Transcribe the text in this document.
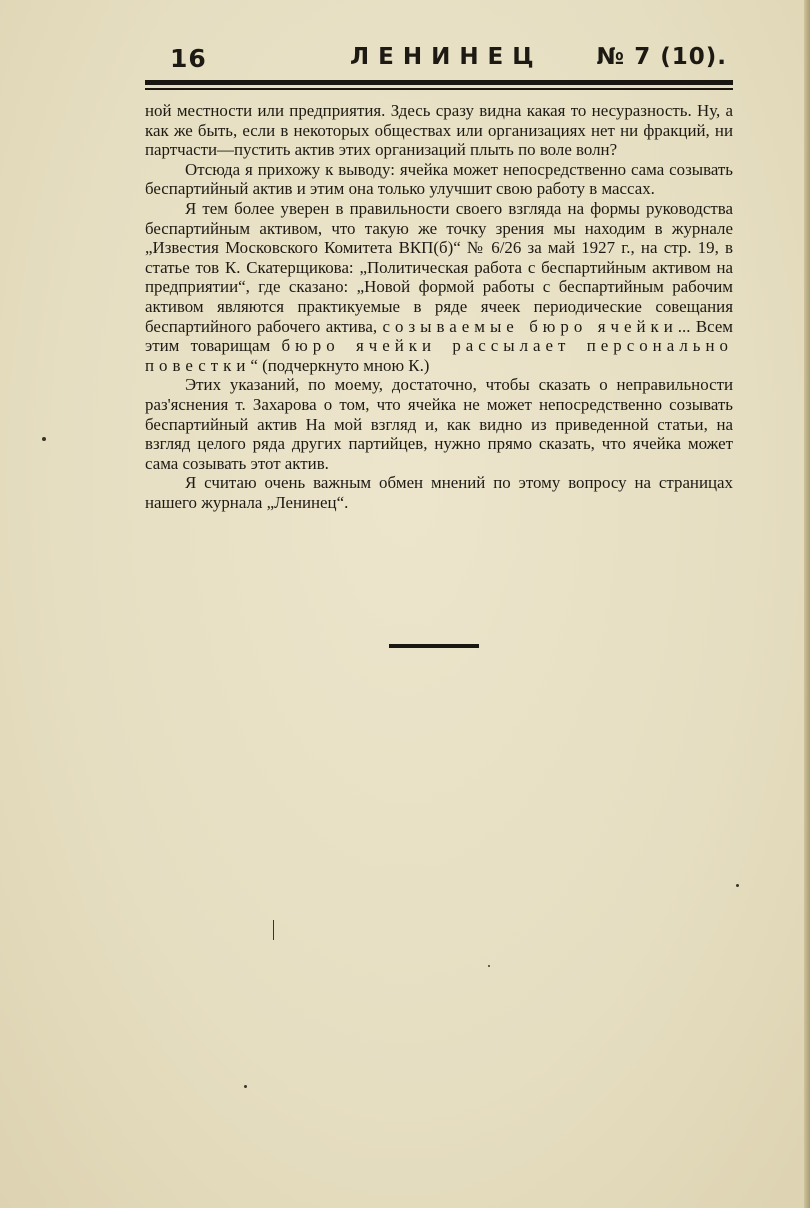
16	ЛЕНИНЕЦ № 7 (10).

ной местности или предприятия. Здесь сразу видна какая то несуразность. Ну, а как же быть, если в некоторых обществах или организациях нет ни фракций, ни партчасти—пустить актив этих организаций плыть по воле волн?

Отсюда я прихожу к выводу: ячейка может непосредственно сама созывать беспартийный актив и этим она только улучшит свою работу в массах.

Я тем более уверен в правильности своего взгляда на формы руководства беспартийным активом, что такую же точку зрения мы находим в журнале „Известия Московского Комитета ВКП(б)“ № 6/26 за май 1927 г., на стр. 19, в статье тов К. Скатерщикова: „Политическая работа с беспартийным активом на предприятии“, где сказано: „Новой формой работы с беспартийным рабочим активом являются практикуемые в ряде ячеек периодические совещания беспартийного рабочего актива, созываемые бюро ячейки... Всем этим товарищам бюро ячейки рассылает персонально повестки“ (подчеркнуто мною К.)

Этих указаний, по моему, достаточно, чтобы сказать о неправильности раз'яснения т. Захарова о том, что ячейка не может непосредственно созывать беспартийный актив На мой взгляд и, как видно из приведенной статьи, на взгляд целого ряда других партийцев, нужно прямо сказать, что ячейка может сама созывать этот актив.

Я считаю очень важным обмен мнений по этому вопросу на страницах нашего журнала „Ленинец“.
